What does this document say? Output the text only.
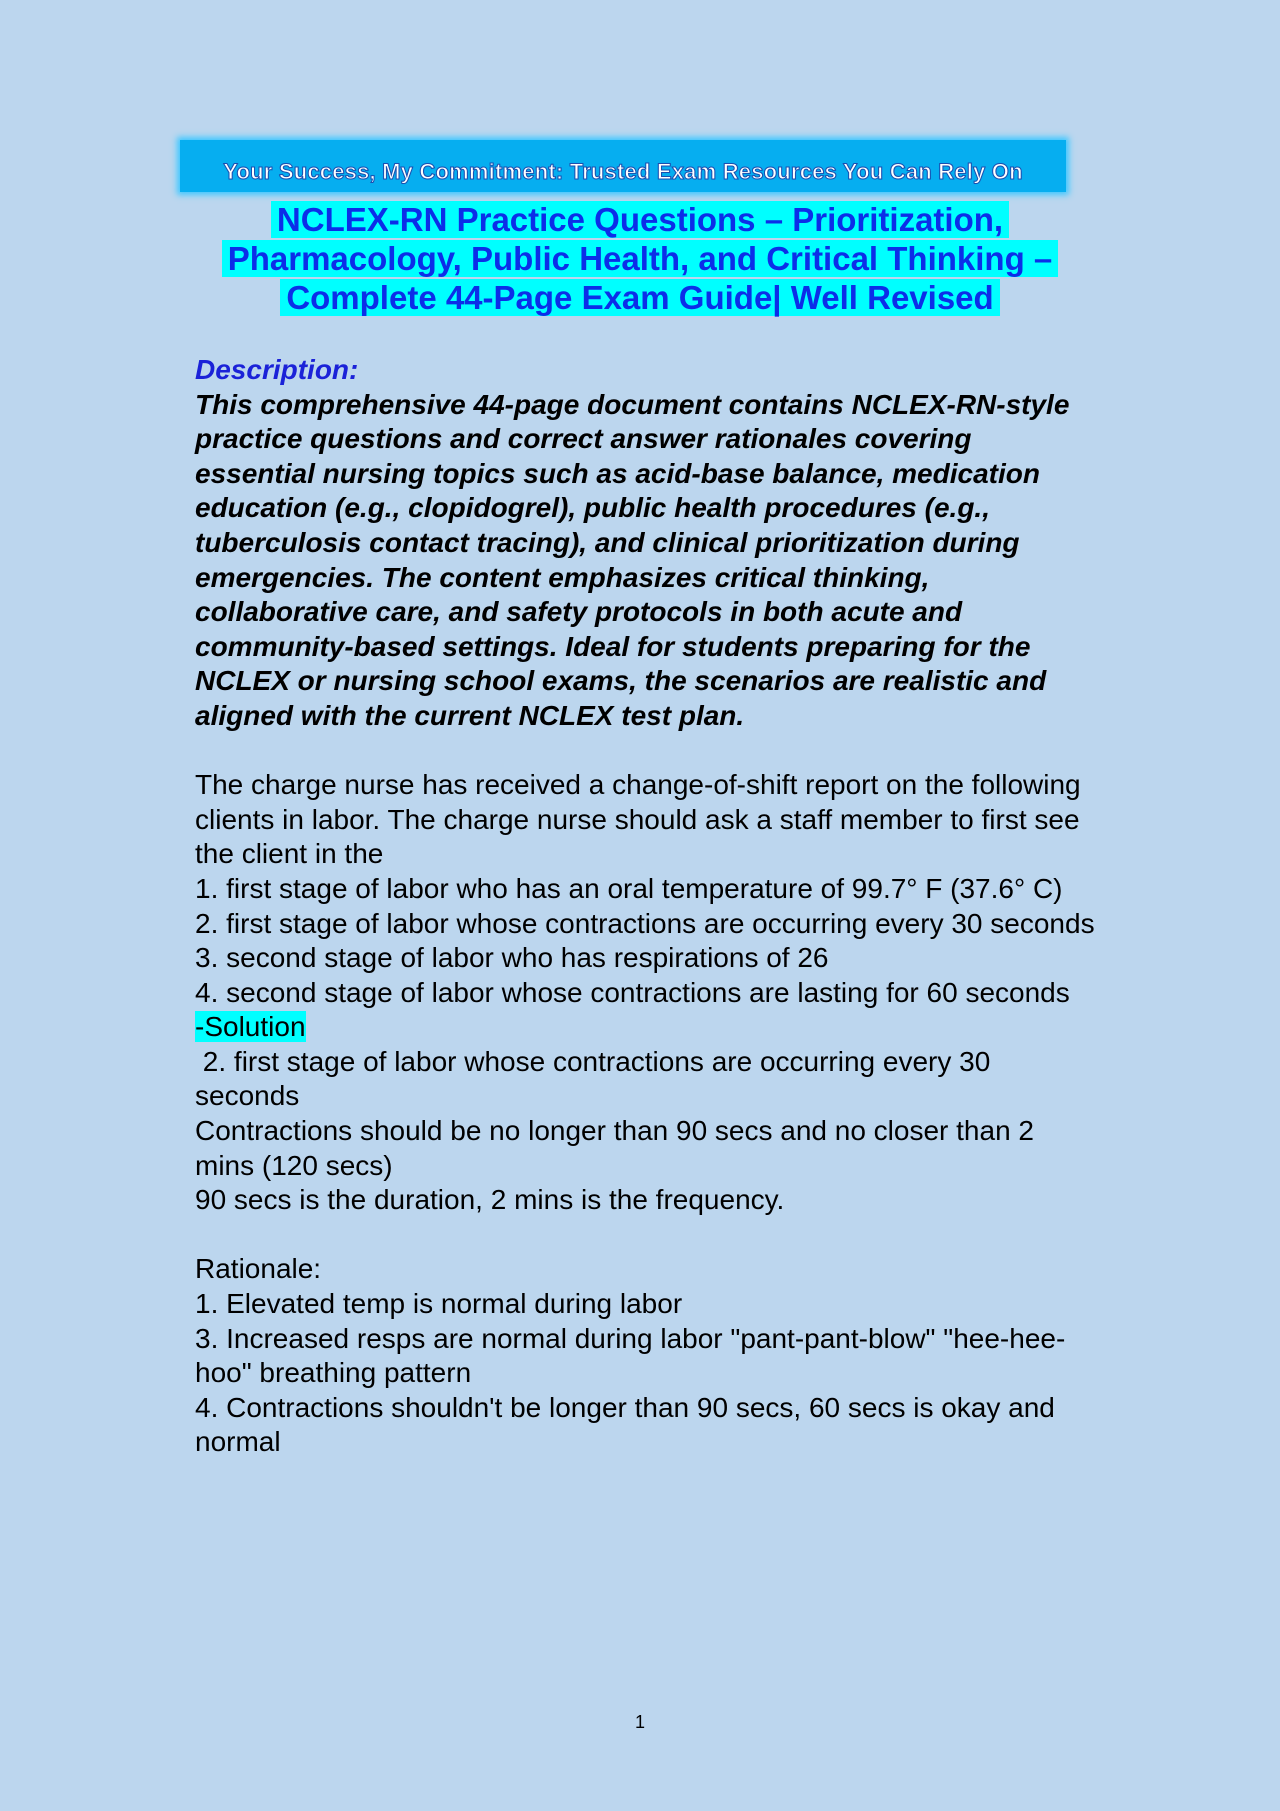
Your Success, My Commitment: Trusted Exam Resources You Can Rely On
NCLEX-RN Practice Questions – Prioritization,
Pharmacology, Public Health, and Critical Thinking –
Complete 44-Page Exam Guide| Well Revised

Description:

This comprehensive 44-page document contains NCLEX-RN-style practice questions and correct answer rationales covering essential nursing topics such as acid-base balance, medication education (e.g., clopidogrel), public health procedures (e.g., tuberculosis contact tracing), and clinical prioritization during emergencies. The content emphasizes critical thinking, collaborative care, and safety protocols in both acute and community-based settings. Ideal for students preparing for the NCLEX or nursing school exams, the scenarios are realistic and aligned with the current NCLEX test plan.

The charge nurse has received a change-of-shift report on the following clients in labor. The charge nurse should ask a staff member to first see the client in the

1. first stage of labor who has an oral temperature of 99.7° F (37.6° C)

2. first stage of labor whose contractions are occurring every 30 seconds

3. second stage of labor who has respirations of 26

4. second stage of labor whose contractions are lasting for 60 seconds

-Solution

2. first stage of labor whose contractions are occurring every 30 seconds

Contractions should be no longer than 90 secs and no closer than 2 mins (120 secs)

90 secs is the duration, 2 mins is the frequency.

Rationale:

1. Elevated temp is normal during labor

3. Increased resps are normal during labor "pant-pant-blow" "hee-hee-hoo" breathing pattern

4. Contractions shouldn't be longer than 90 secs, 60 secs is okay and normal

1
